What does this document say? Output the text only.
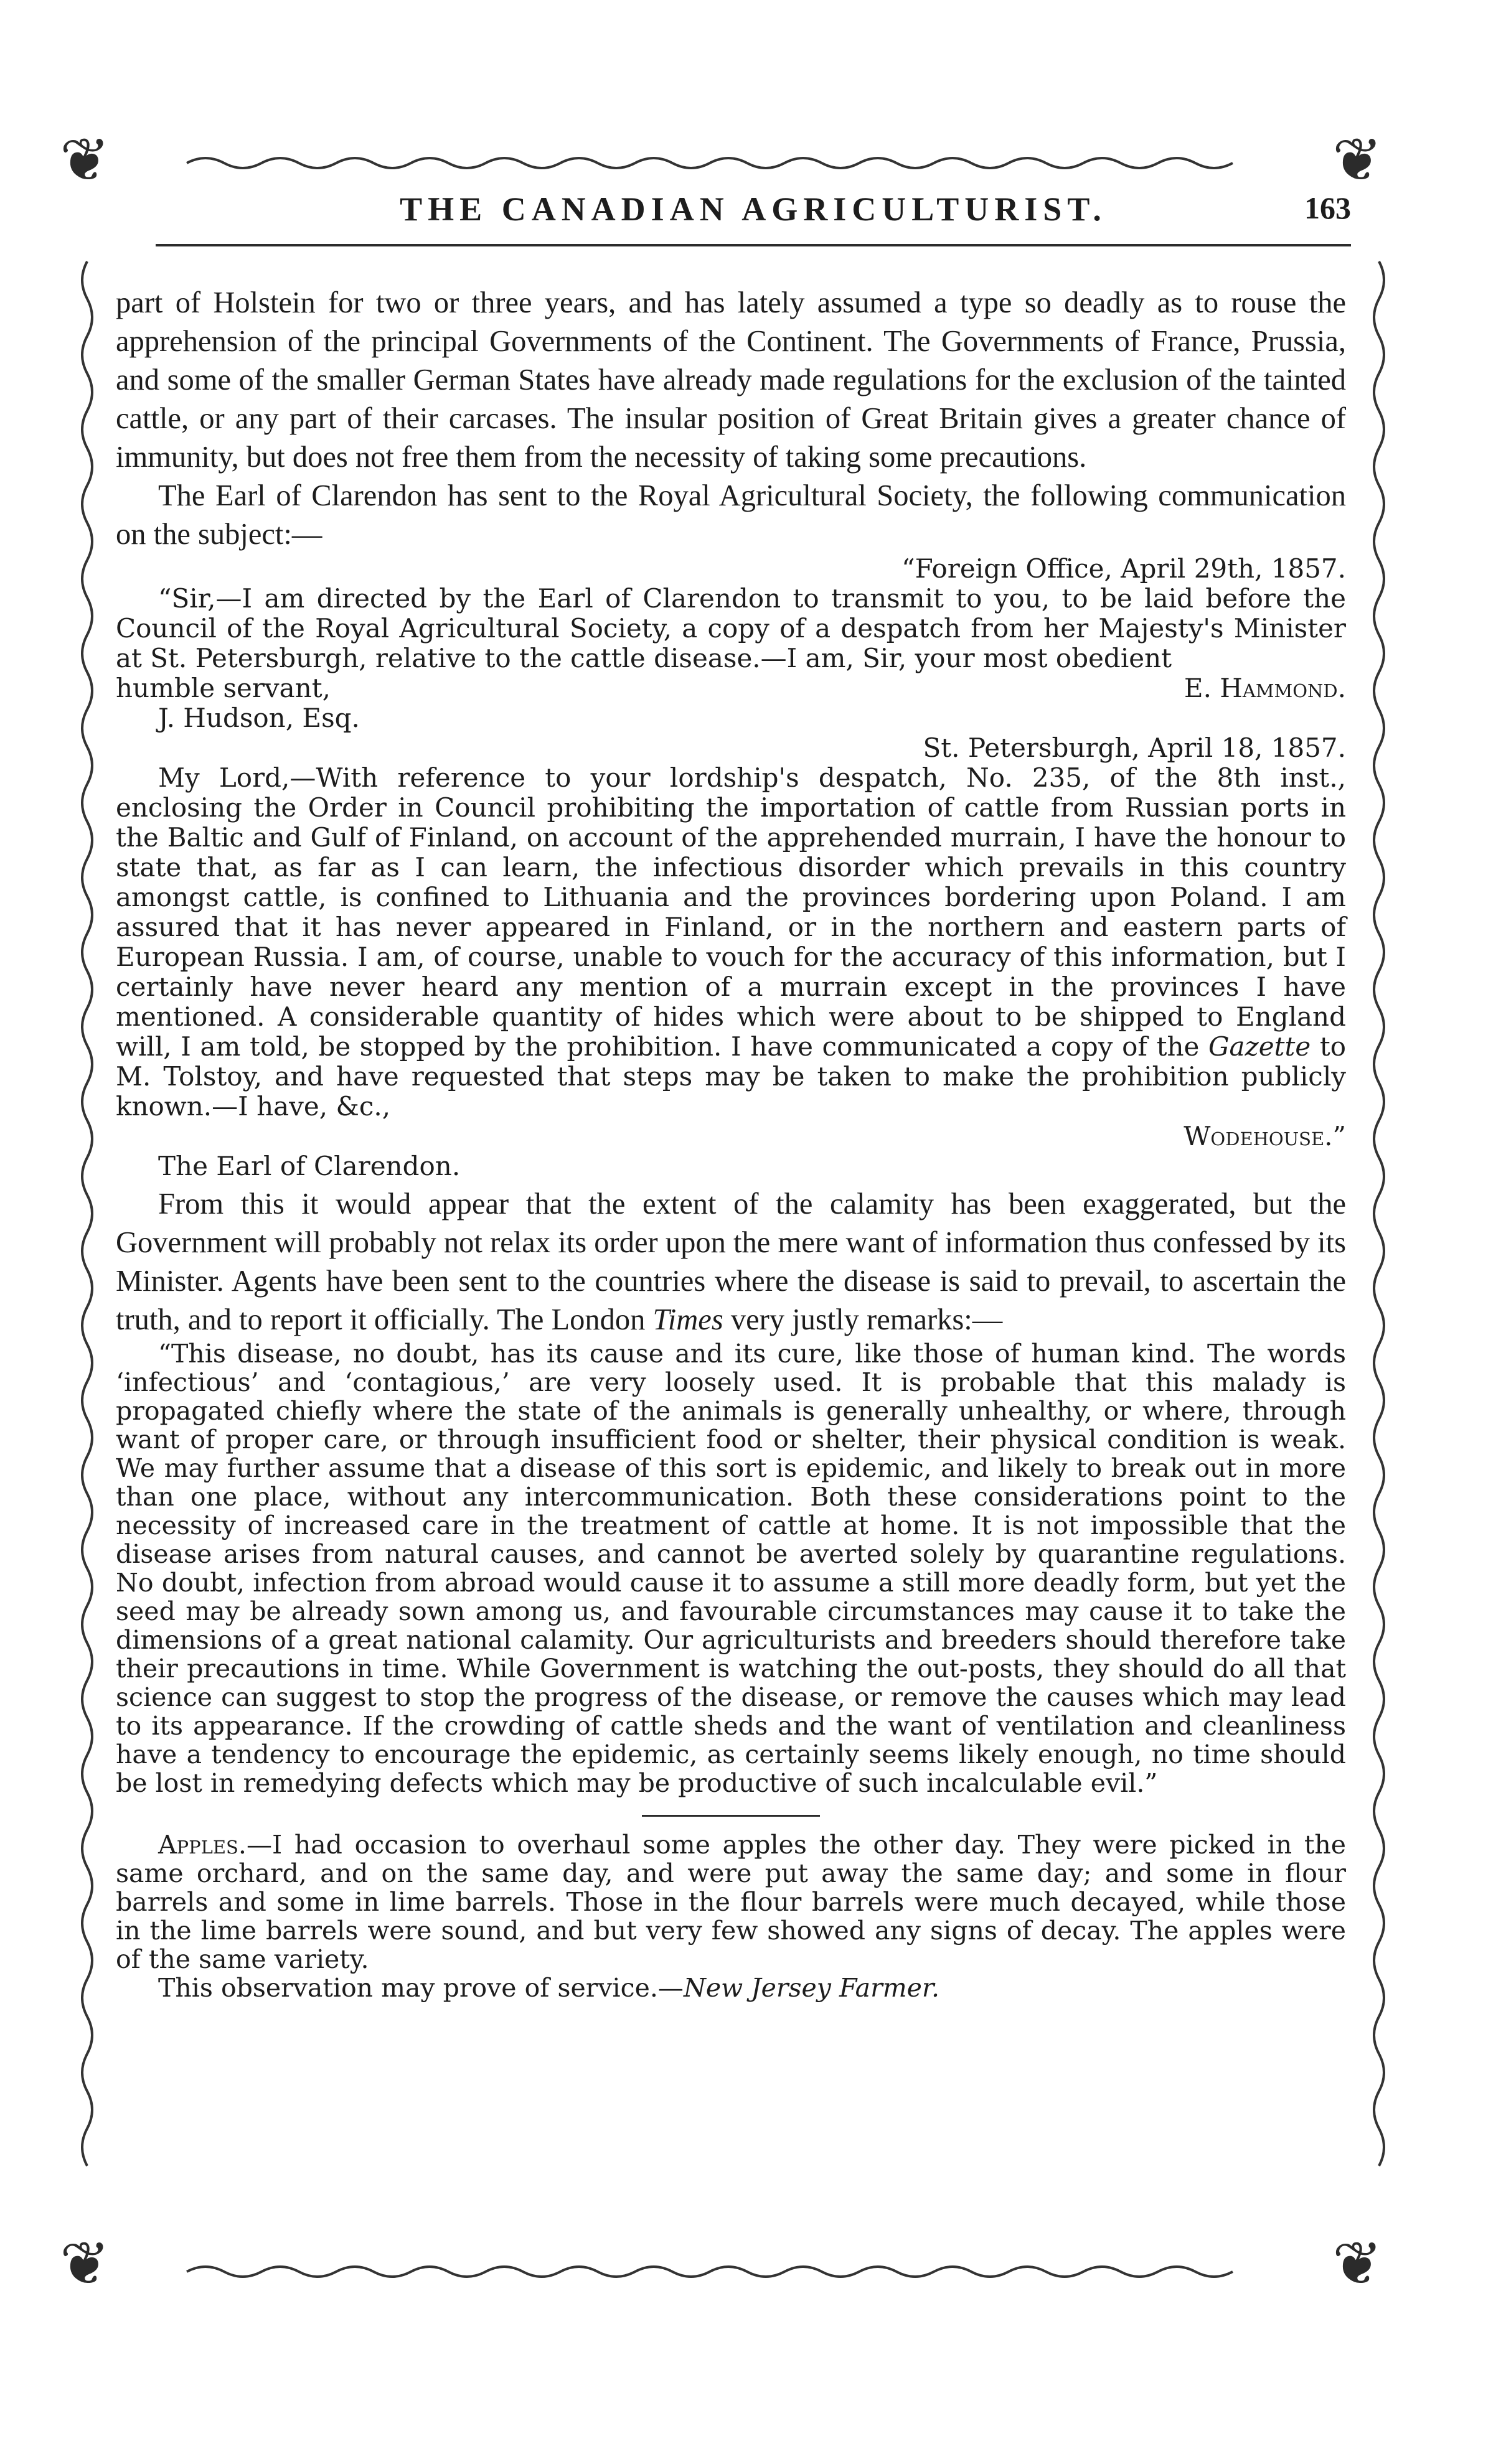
❦	❦
❦	❦
THE CANADIAN AGRICULTURIST.	163

part of Holstein for two or three years, and has lately assumed a type so deadly as to rouse the apprehension of the principal Governments of the Continent. The Governments of France, Prussia, and some of the smaller German States have already made regulations for the exclusion of the tainted cattle, or any part of their carcases. The insular position of Great Britain gives a greater chance of immunity, but does not free them from the necessity of taking some precautions.

The Earl of Clarendon has sent to the Royal Agricultural Society, the following communication on the subject:—

“Foreign Office, April 29th, 1857.

“Sir,—I am directed by the Earl of Clarendon to transmit to you, to be laid before the Council of the Royal Agricultural Society, a copy of a despatch from her Majesty's Minister at St. Petersburgh, relative to the cattle disease.—I am, Sir, your most obedient

humble servant,	E. Hammond.

J. Hudson, Esq.

St. Petersburgh, April 18, 1857.

My Lord,—With reference to your lordship's despatch, No. 235, of the 8th inst., enclosing the Order in Council prohibiting the importation of cattle from Russian ports in the Baltic and Gulf of Finland, on account of the apprehended murrain, I have the honour to state that, as far as I can learn, the infectious disorder which prevails in this country amongst cattle, is confined to Lithuania and the provinces bordering upon Poland. I am assured that it has never appeared in Finland, or in the northern and eastern parts of European Russia. I am, of course, unable to vouch for the accuracy of this information, but I certainly have never heard any mention of a murrain except in the provinces I have mentioned. A considerable quantity of hides which were about to be shipped to England will, I am told, be stopped by the prohibition. I have communicated a copy of the Gazette to M. Tolstoy, and have requested that steps may be taken to make the prohibition publicly known.—I have, &c.,

Wodehouse.”

The Earl of Clarendon.

From this it would appear that the extent of the calamity has been exaggerated, but the Government will probably not relax its order upon the mere want of information thus confessed by its Minister. Agents have been sent to the countries where the disease is said to prevail, to ascertain the truth, and to report it officially. The London Times very justly remarks:—

“This disease, no doubt, has its cause and its cure, like those of human kind. The words ‘infectious’ and ‘contagious,’ are very loosely used. It is probable that this malady is propagated chiefly where the state of the animals is generally unhealthy, or where, through want of proper care, or through insufficient food or shelter, their physical condition is weak. We may further assume that a disease of this sort is epidemic, and likely to break out in more than one place, without any intercommunication. Both these considerations point to the necessity of increased care in the treatment of cattle at home. It is not impossible that the disease arises from natural causes, and cannot be averted solely by quarantine regulations. No doubt, infection from abroad would cause it to assume a still more deadly form, but yet the seed may be already sown among us, and favourable circumstances may cause it to take the dimensions of a great national calamity. Our agriculturists and breeders should therefore take their precautions in time. While Government is watching the out-posts, they should do all that science can suggest to stop the progress of the disease, or remove the causes which may lead to its appearance. If the crowding of cattle sheds and the want of ventilation and cleanliness have a tendency to encourage the epidemic, as certainly seems likely enough, no time should be lost in remedying defects which may be productive of such incalculable evil.”

Apples.—I had occasion to overhaul some apples the other day. They were picked in the same orchard, and on the same day, and were put away the same day; and some in flour barrels and some in lime barrels. Those in the flour barrels were much decayed, while those in the lime barrels were sound, and but very few showed any signs of decay. The apples were of the same variety.

This observation may prove of service.—New Jersey Farmer.
